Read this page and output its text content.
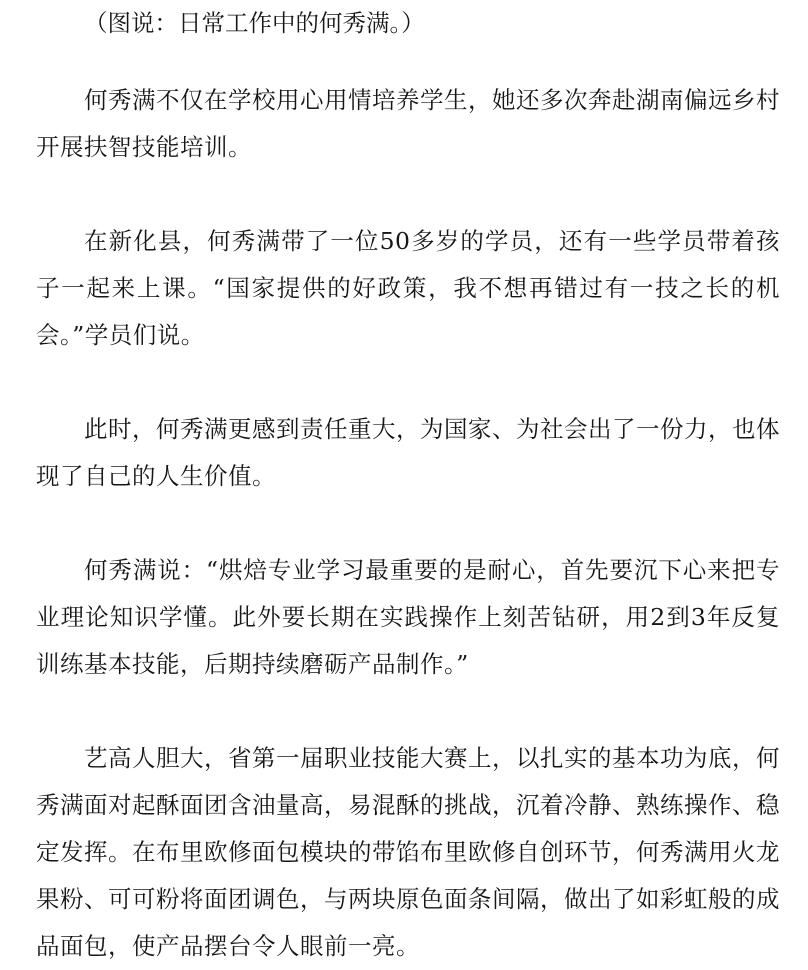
（图说：日常工作中的何秀满。）

何秀满不仅在学校用心用情培养学生，她还多次奔赴湖南偏远乡村开展扶智技能培训。

在新化县，何秀满带了一位50多岁的学员，还有一些学员带着孩子一起来上课。“国家提供的好政策，我不想再错过有一技之长的机会。”学员们说。

此时，何秀满更感到责任重大，为国家、为社会出了一份力，也体现了自己的人生价值。

何秀满说：“烘焙专业学习最重要的是耐心，首先要沉下心来把专业理论知识学懂。此外要长期在实践操作上刻苦钻研，用2到3年反复训练基本技能，后期持续磨砺产品制作。”

艺高人胆大，省第一届职业技能大赛上，以扎实的基本功为底，何秀满面对起酥面团含油量高，易混酥的挑战，沉着冷静、熟练操作、稳定发挥。在布里欧修面包模块的带馅布里欧修自创环节，何秀满用火龙果粉、可可粉将面团调色，与两块原色面条间隔，做出了如彩虹般的成品面包，使产品摆台令人眼前一亮。
